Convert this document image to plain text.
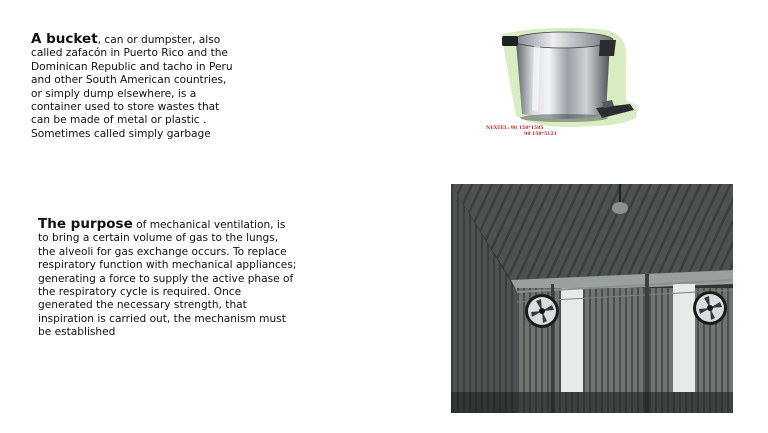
A bucket, can or dumpster, also called zafacón in Puerto Rico and the Dominican Republic and tacho in Peru and other South American countries, or simply dump elsewhere, is a container used to store wastes that can be made of metal or plastic . Sometimes called simply garbage
The purpose of mechanical ventilation, is to bring a certain volume of gas to the lungs, the alveoli for gas exchange occurs. To replace respiratory function with mechanical appliances; generating a force to supply the active phase of the respiratory cycle is required. Once generated the necessary strength, that inspiration is carried out, the mechanism must be established
NEXTEL: 98 158*1585
98 158*5121
